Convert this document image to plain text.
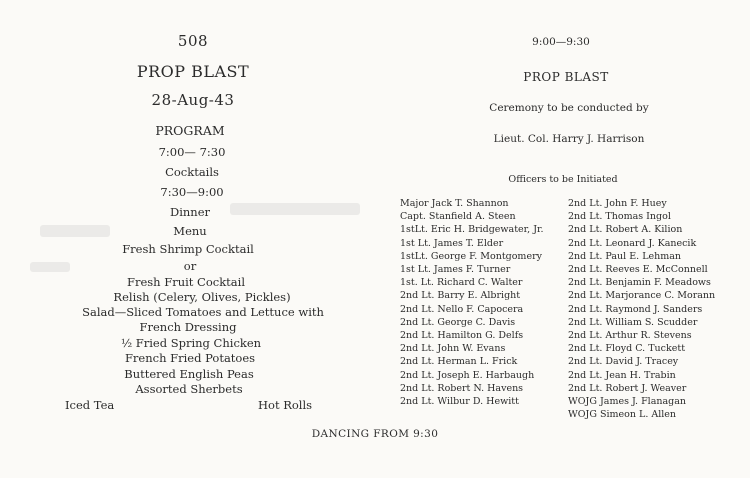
508
PROP BLAST
28-Aug-43
PROGRAM
7:00— 7:30
Cocktails
7:30—9:00
Dinner
Menu
Fresh Shrimp Cocktail
or
Fresh Fruit Cocktail
Relish (Celery, Olives, Pickles)
Salad—Sliced Tomatoes and Lettuce with
French Dressing
½ Fried Spring Chicken
French Fried Potatoes
Buttered English Peas
Assorted Sherbets
Iced Tea	Hot Rolls
9:00—9:30
PROP BLAST
Ceremony to be conducted by
Lieut. Col. Harry J. Harrison
Officers to be Initiated
Major Jack T. Shannon	2nd Lt. John F. Huey
Capt. Stanfield A. Steen	2nd Lt. Thomas Ingol
1stLt. Eric H. Bridgewater, Jr.	2nd Lt. Robert A. Kilion
1st Lt. James T. Elder	2nd Lt. Leonard J. Kanecik
1stLt. George F. Montgomery	2nd Lt. Paul E. Lehman
1st Lt. James F. Turner	2nd Lt. Reeves E. McConnell
1st. Lt. Richard C. Walter	2nd Lt. Benjamin F. Meadows
2nd Lt. Barry E. Albright	2nd Lt. Marjorance C. Morann
2nd Lt. Nello F. Capocera	2nd Lt. Raymond J. Sanders
2nd Lt. George C. Davis	2nd Lt. William S. Scudder
2nd Lt. Hamilton G. Delfs	2nd Lt. Arthur R. Stevens
2nd Lt. John W. Evans	2nd Lt. Floyd C. Tuckett
2nd Lt. Herman L. Frick	2nd Lt. David J. Tracey
2nd Lt. Joseph E. Harbaugh	2nd Lt. Jean H. Trabin
2nd Lt. Robert N. Havens	2nd Lt. Robert J. Weaver
2nd Lt. Wilbur D. Hewitt	WOJG James J. Flanagan
WOJG Simeon L. Allen
DANCING FROM 9:30
